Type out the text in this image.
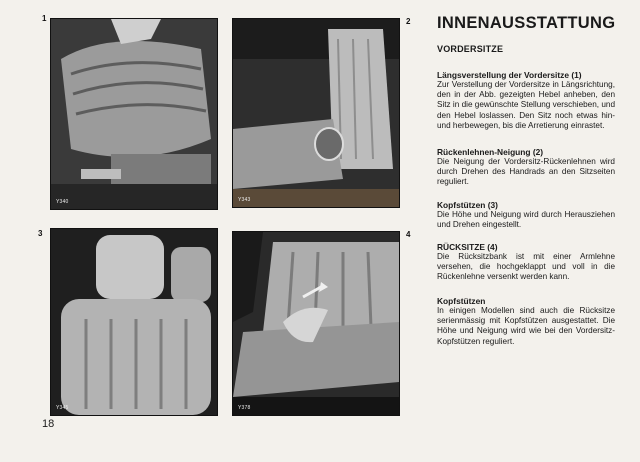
1
Y340
2
Y343
3
Y345
4
Y378
INNENAUSSTATTUNG
VORDERSITZE
Längsverstellung der Vordersitze (1)

Zur Verstellung der Vordersitze in Längsrichtung, den in der Abb. gezeigten Hebel anheben, den Sitz in die gewünschte Stellung verschieben, und den Hebel loslassen. Den Sitz noch etwas hin-und herbewegen, bis die Arretierung einrastet.

Rückenlehnen-Neigung (2)

Die Neigung der Vordersitz-Rückenlehnen wird durch Drehen des Handrads an den Sitzseiten reguliert.

Kopfstützen (3)

Die Höhe und Neigung wird durch Herausziehen und Drehen eingestellt.

RÜCKSITZE (4)

Die Rücksitzbank ist mit einer Armlehne versehen, die hochgeklappt und voll in die Rückenlehne versenkt werden kann.

Kopfstützen

In einigen Modellen sind auch die Rücksitze serienmässig mit Kopfstützen ausgestattet. Die Höhe und Neigung wird wie bei den Vordersitz-Kopfstützen reguliert.

18
